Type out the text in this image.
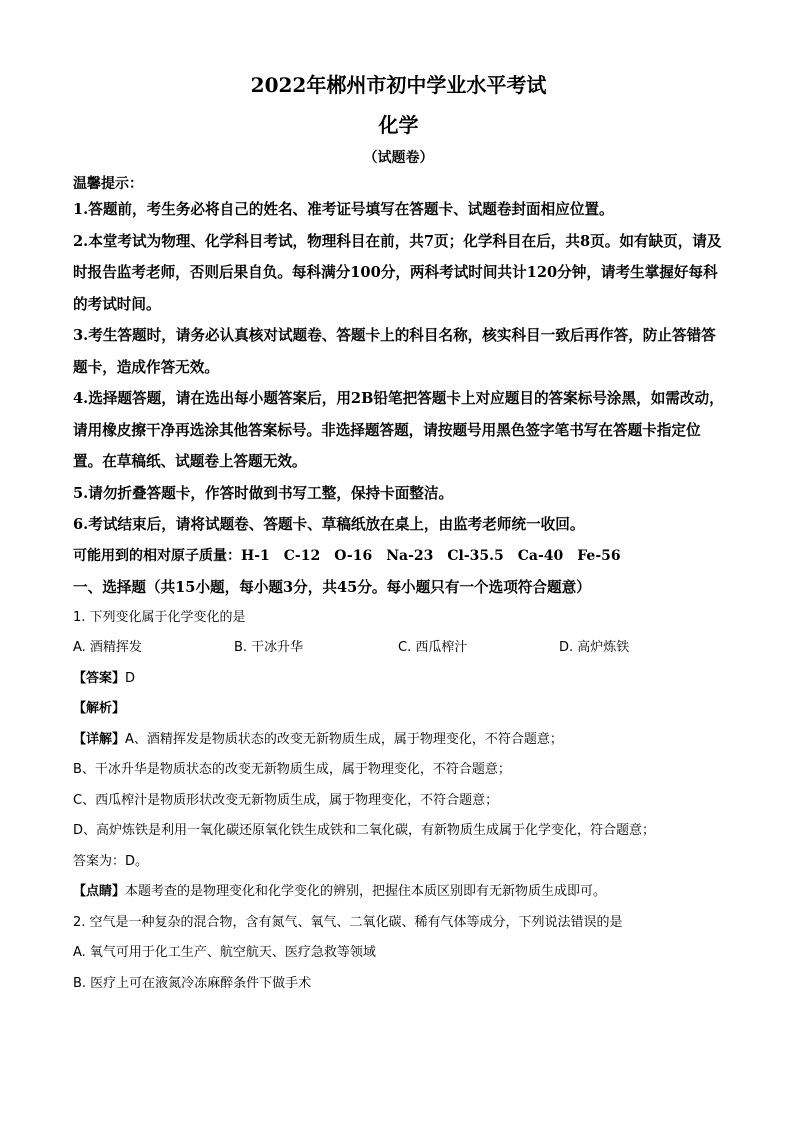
2022年郴州市初中学业水平考试
化学
（试题卷）
温馨提示：

1.答题前，考生务必将自己的姓名、准考证号填写在答题卡、试题卷封面相应位置。

2.本堂考试为物理、化学科目考试，物理科目在前，共7页；化学科目在后，共8页。如有缺页，请及时报告监考老师，否则后果自负。每科满分100分，两科考试时间共计120分钟，请考生掌握好每科的考试时间。

3.考生答题时，请务必认真核对试题卷、答题卡上的科目名称，核实科目一致后再作答，防止答错答题卡，造成作答无效。

4.选择题答题，请在选出每小题答案后，用2B铅笔把答题卡上对应题目的答案标号涂黑，如需改动，请用橡皮擦干净再选涂其他答案标号。非选择题答题，请按题号用黑色签字笔书写在答题卡指定位置。在草稿纸、试题卷上答题无效。

5.请勿折叠答题卡，作答时做到书写工整，保持卡面整洁。

6.考试结束后，请将试题卷、答题卡、草稿纸放在桌上，由监考老师统一收回。

可能用到的相对原子质量：H-1　C-12　O-16　Na-23　Cl-35.5　Ca-40　Fe-56
一、选择题（共15小题，每小题3分，共45分。每小题只有一个选项符合题意）

1. 下列变化属于化学变化的是

A. 酒精挥发	B. 干冰升华	C. 西瓜榨汁	D. 高炉炼铁

【答案】D

【解析】

【详解】A、酒精挥发是物质状态的改变无新物质生成，属于物理变化，不符合题意；

B、干冰升华是物质状态的改变无新物质生成，属于物理变化，不符合题意；

C、西瓜榨汁是物质形状改变无新物质生成，属于物理变化，不符合题意；

D、高炉炼铁是利用一氧化碳还原氧化铁生成铁和二氧化碳，有新物质生成属于化学变化，符合题意；

答案为：D。

【点睛】本题考查的是物理变化和化学变化的辨别，把握住本质区别即有无新物质生成即可。

2. 空气是一种复杂的混合物，含有氮气、氧气、二氧化碳、稀有气体等成分，下列说法错误的是

A. 氧气可用于化工生产、航空航天、医疗急救等领域

B. 医疗上可在液氮冷冻麻醉条件下做手术
